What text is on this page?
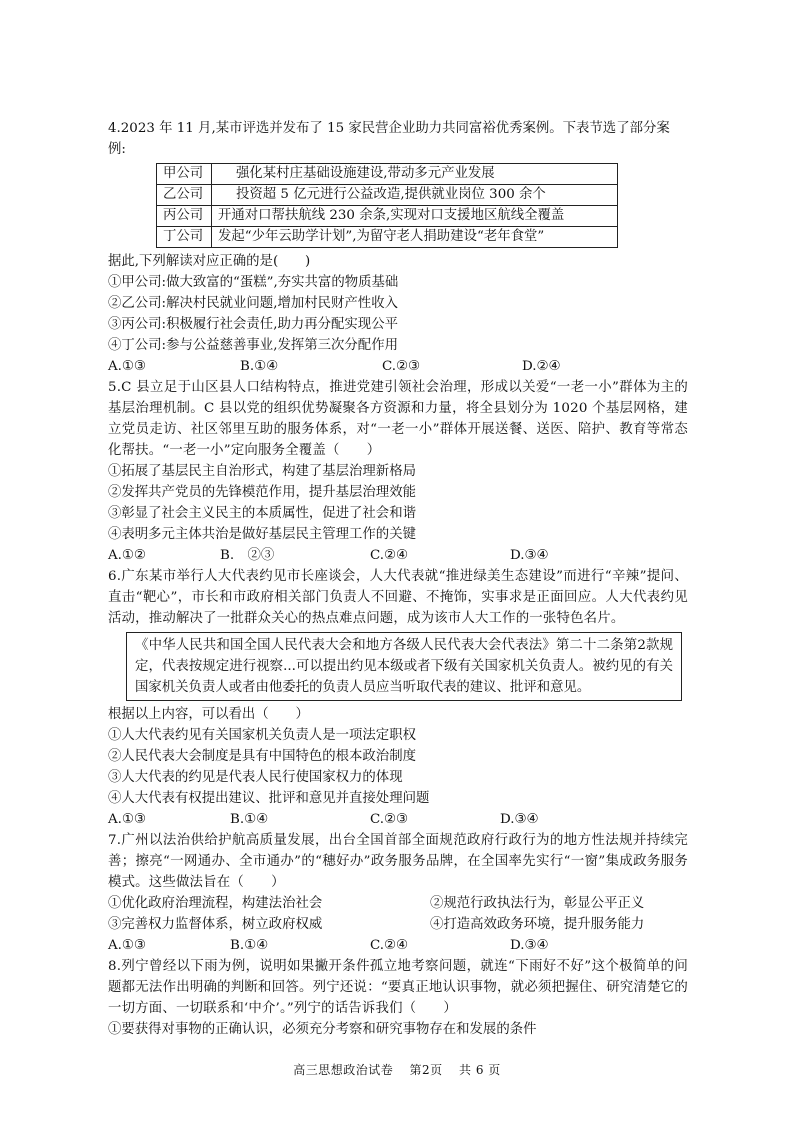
4.2023 年 11 月,某市评选并发布了 15 家民营企业助力共同富裕优秀案例。下表节选了部分案
例:
甲公司	强化某村庄基础设施建设,带动多元产业发展
乙公司	投资超 5 亿元进行公益改造,提供就业岗位 300 余个
丙公司	开通对口帮扶航线 230 余条,实现对口支援地区航线全覆盖
丁公司	发起“少年云助学计划”,为留守老人捐助建设“老年食堂”
据此,下列解读对应正确的是(　　)
①甲公司:做大致富的“蛋糕”,夯实共富的物质基础
②乙公司:解决村民就业问题,增加村民财产性收入
③丙公司:积极履行社会责任,助力再分配实现公平
④丁公司:参与公益慈善事业,发挥第三次分配作用
A.①③	B.①④	C.②③	D.②④
5.C 县立足于山区县人口结构特点，推进党建引领社会治理，形成以关爱“一老一小”群体为主的基层治理机制。C 县以党的组织优势凝聚各方资源和力量，将全县划分为 1020 个基层网格，建立党员走访、社区邻里互助的服务体系，对“一老一小”群体开展送餐、送医、陪护、教育等常态化帮扶。“一老一小”定向服务全覆盖（　　）
①拓展了基层民主自治形式，构建了基层治理新格局
②发挥共产党员的先锋模范作用，提升基层治理效能
③彰显了社会主义民主的本质属性，促进了社会和谐
④表明多元主体共治是做好基层民主管理工作的关键
A.①②	B.　②③	C.②④	D.③④
6.广东某市举行人大代表约见市长座谈会，人大代表就“推进绿美生态建设”而进行“辛辣”提问、直击“靶心”，市长和市政府相关部门负责人不回避、不掩饰，实事求是正面回应。人大代表约见活动，推动解决了一批群众关心的热点难点问题，成为该市人大工作的一张特色名片。
《中华人民共和国全国人民代表大会和地方各级人民代表大会代表法》第二十二条第2款规定，代表按规定进行视察...可以提出约见本级或者下级有关国家机关负责人。被约见的有关国家机关负责人或者由他委托的负责人员应当听取代表的建议、批评和意见。
根据以上内容，可以看出（　　）
①人大代表约见有关国家机关负责人是一项法定职权
②人民代表大会制度是具有中国特色的根本政治制度
③人大代表的约见是代表人民行使国家权力的体现
④人大代表有权提出建议、批评和意见并直接处理问题
A.①③	B.①④	C.②③	D.③④
7.广州以法治供给护航高质量发展，出台全国首部全面规范政府行政行为的地方性法规并持续完善；擦亮“一网通办、全市通办”的“穗好办”政务服务品牌，在全国率先实行“一窗”集成政务服务模式。这些做法旨在（　　）
①优化政府治理流程，构建法治社会	②规范行政执法行为，彰显公平正义
③完善权力监督体系，树立政府权威	④打造高效政务环境，提升服务能力
A.①③	B.①④	C.②④	D.③④
8.列宁曾经以下雨为例，说明如果撇开条件孤立地考察问题，就连“下雨好不好”这个极简单的问题都无法作出明确的判断和回答。列宁还说：“要真正地认识事物，就必须把握住、研究清楚它的一切方面、一切联系和‘中介’。”列宁的话告诉我们（　　）
①要获得对事物的正确认识，必须充分考察和研究事物存在和发展的条件
高三思想政治试卷 第2页 共 6 页
